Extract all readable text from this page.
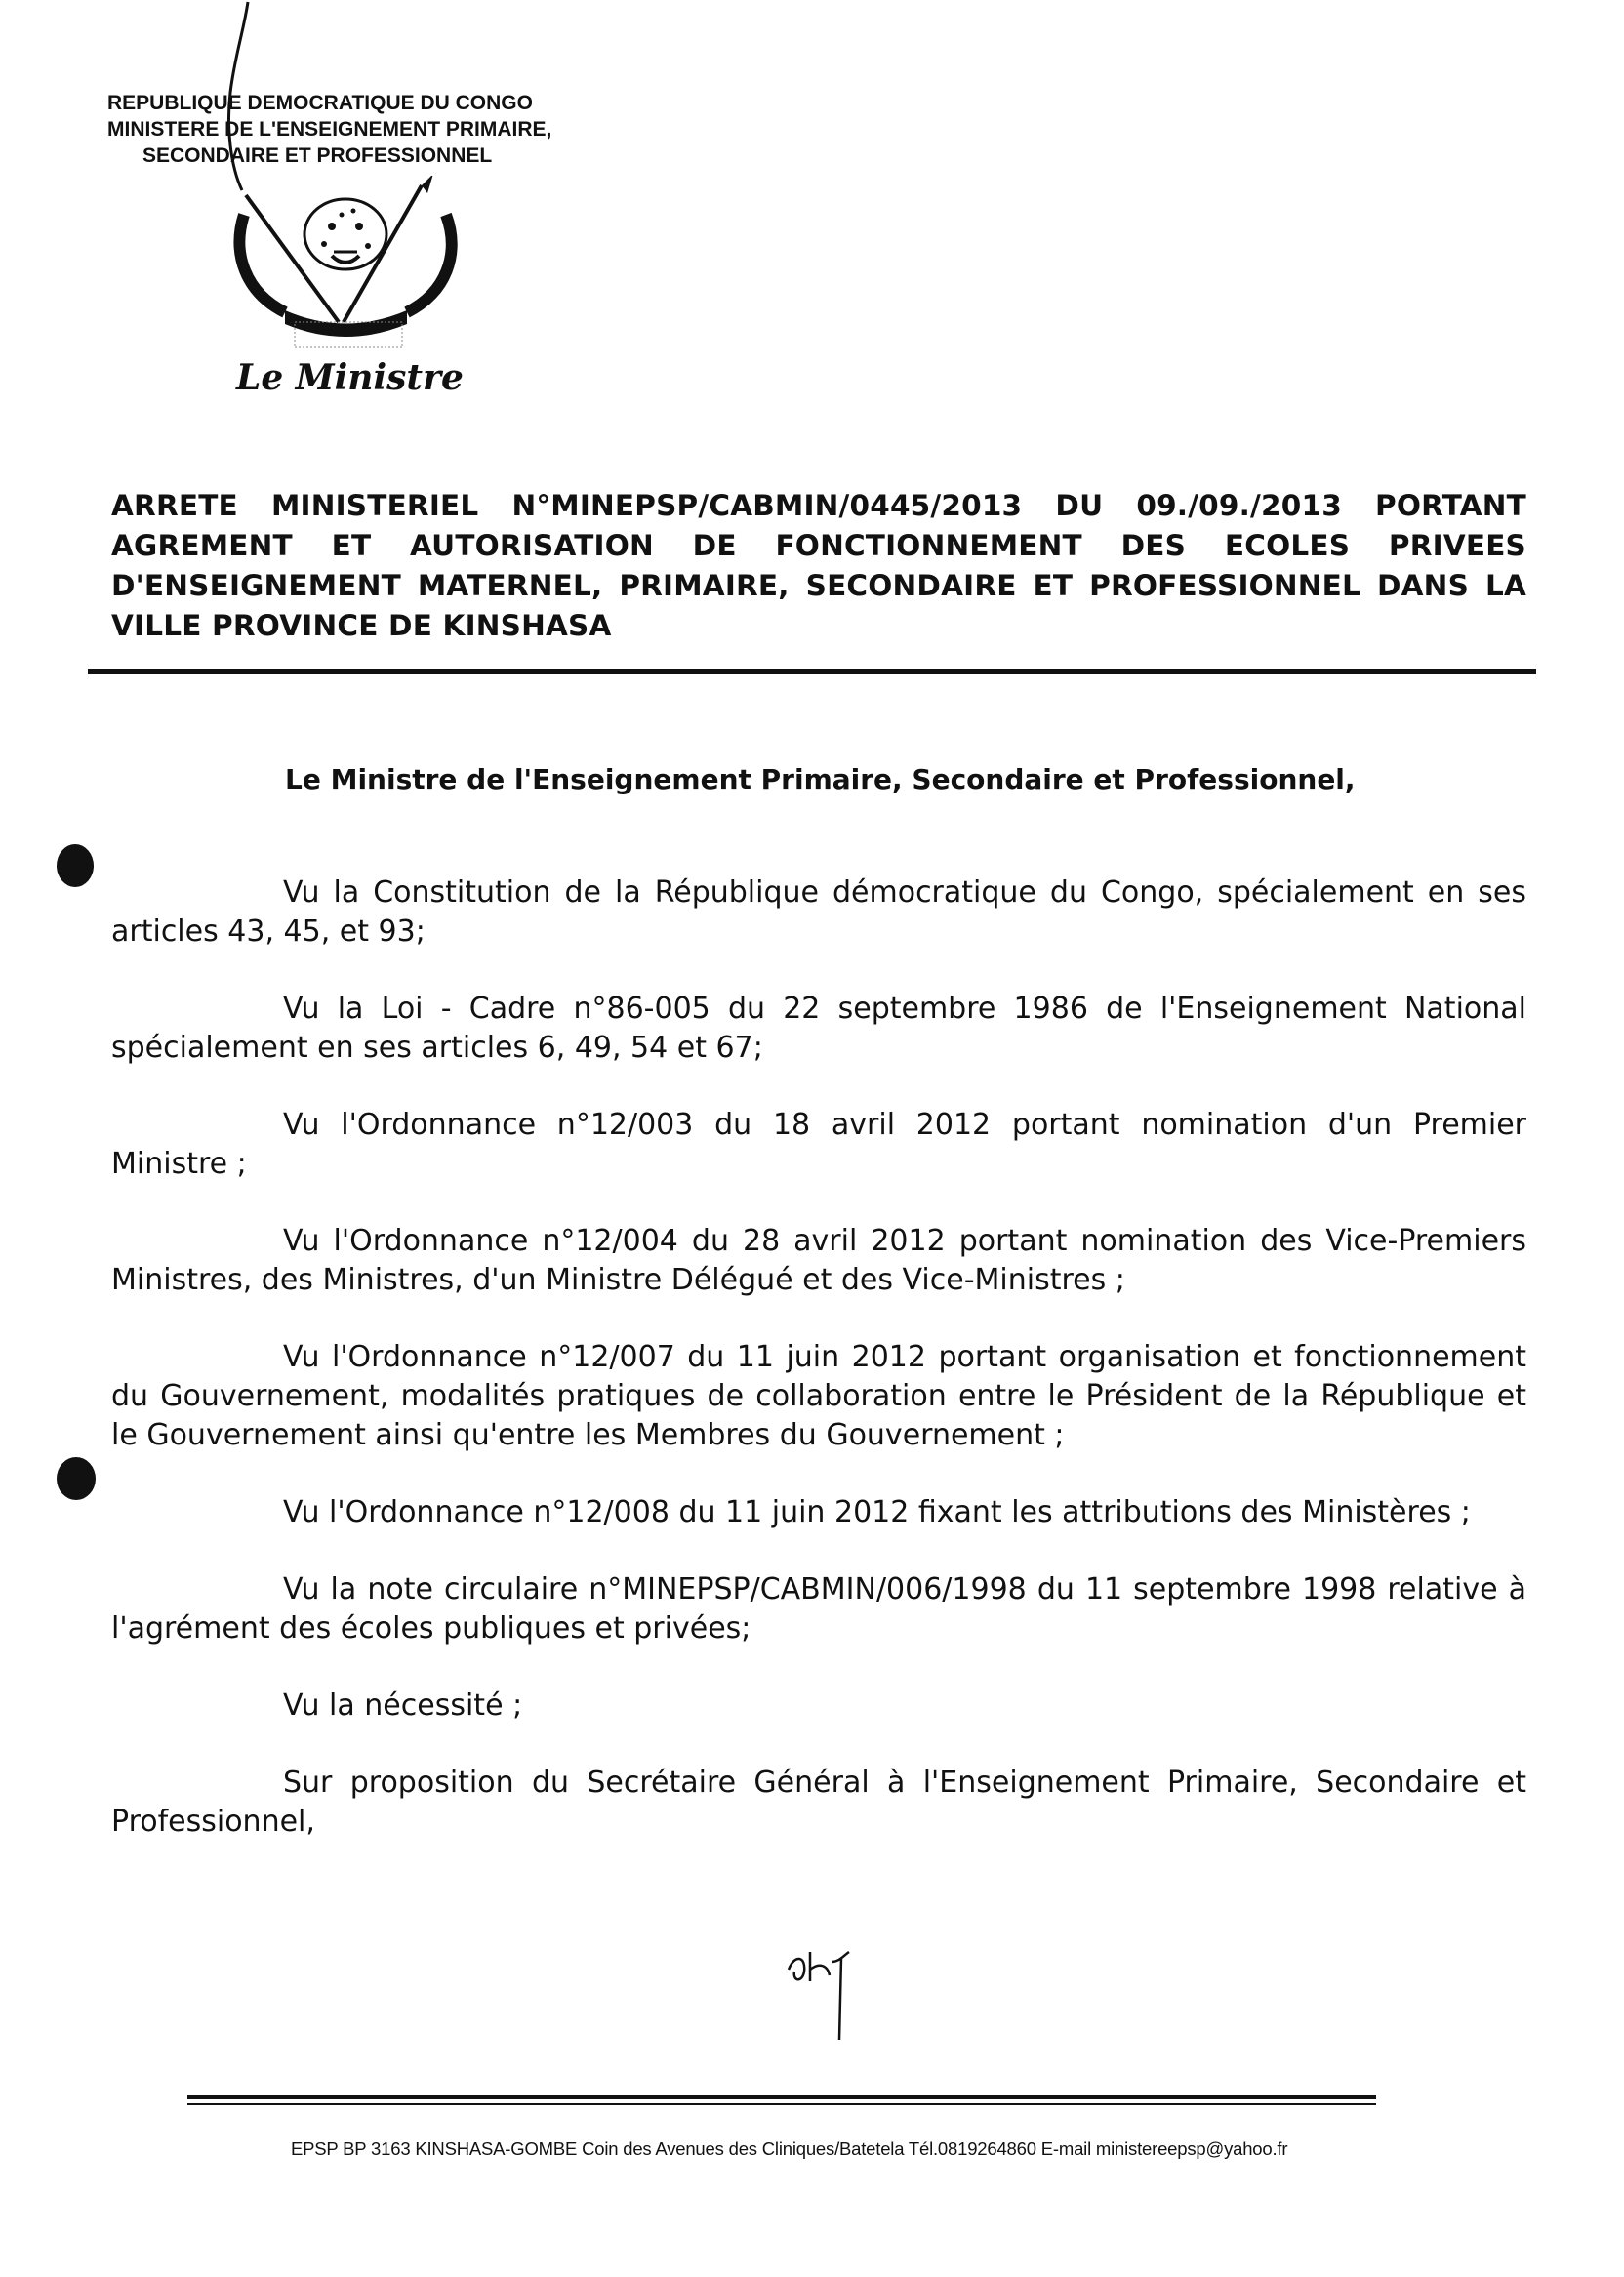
REPUBLIQUE DEMOCRATIQUE DU CONGO
MINISTERE DE L'ENSEIGNEMENT PRIMAIRE,
SECONDAIRE ET PROFESSIONNEL
Le Ministre

ARRETE MINISTERIEL N°MINEPSP/CABMIN/0445/2013 DU 09./09./2013 PORTANT AGREMENT ET AUTORISATION DE FONCTIONNEMENT DES ECOLES PRIVEES D'ENSEIGNEMENT MATERNEL, PRIMAIRE, SECONDAIRE ET PROFESSIONNEL DANS LA VILLE PROVINCE DE KINSHASA

Le Ministre de l'Enseignement Primaire, Secondaire et Professionnel,

Vu la Constitution de la République démocratique du Congo, spécialement en ses articles 43, 45, et 93;

Vu la Loi - Cadre n°86-005 du 22 septembre 1986 de l'Enseignement National spécialement en ses articles 6, 49, 54 et 67;

Vu l'Ordonnance n°12/003 du 18 avril 2012 portant nomination d'un Premier Ministre ;

Vu l'Ordonnance n°12/004 du 28 avril 2012 portant nomination des Vice-Premiers Ministres, des Ministres, d'un Ministre Délégué et des Vice-Ministres ;

Vu l'Ordonnance n°12/007 du 11 juin 2012 portant organisation et fonctionnement du Gouvernement, modalités pratiques de collaboration entre le Président de la République et le Gouvernement ainsi qu'entre les Membres du Gouvernement ;

Vu l'Ordonnance n°12/008 du 11 juin 2012 fixant les attributions des Ministères ;

Vu la note circulaire n°MINEPSP/CABMIN/006/1998 du 11 septembre 1998 relative à l'agrément des écoles publiques et privées;

Vu la nécessité ;

Sur proposition du Secrétaire Général à l'Enseignement Primaire, Secondaire et Professionnel,

EPSP BP 3163 KINSHASA-GOMBE Coin des Avenues des Cliniques/Batetela Tél.0819264860 E-mail ministereepsp@yahoo.fr
